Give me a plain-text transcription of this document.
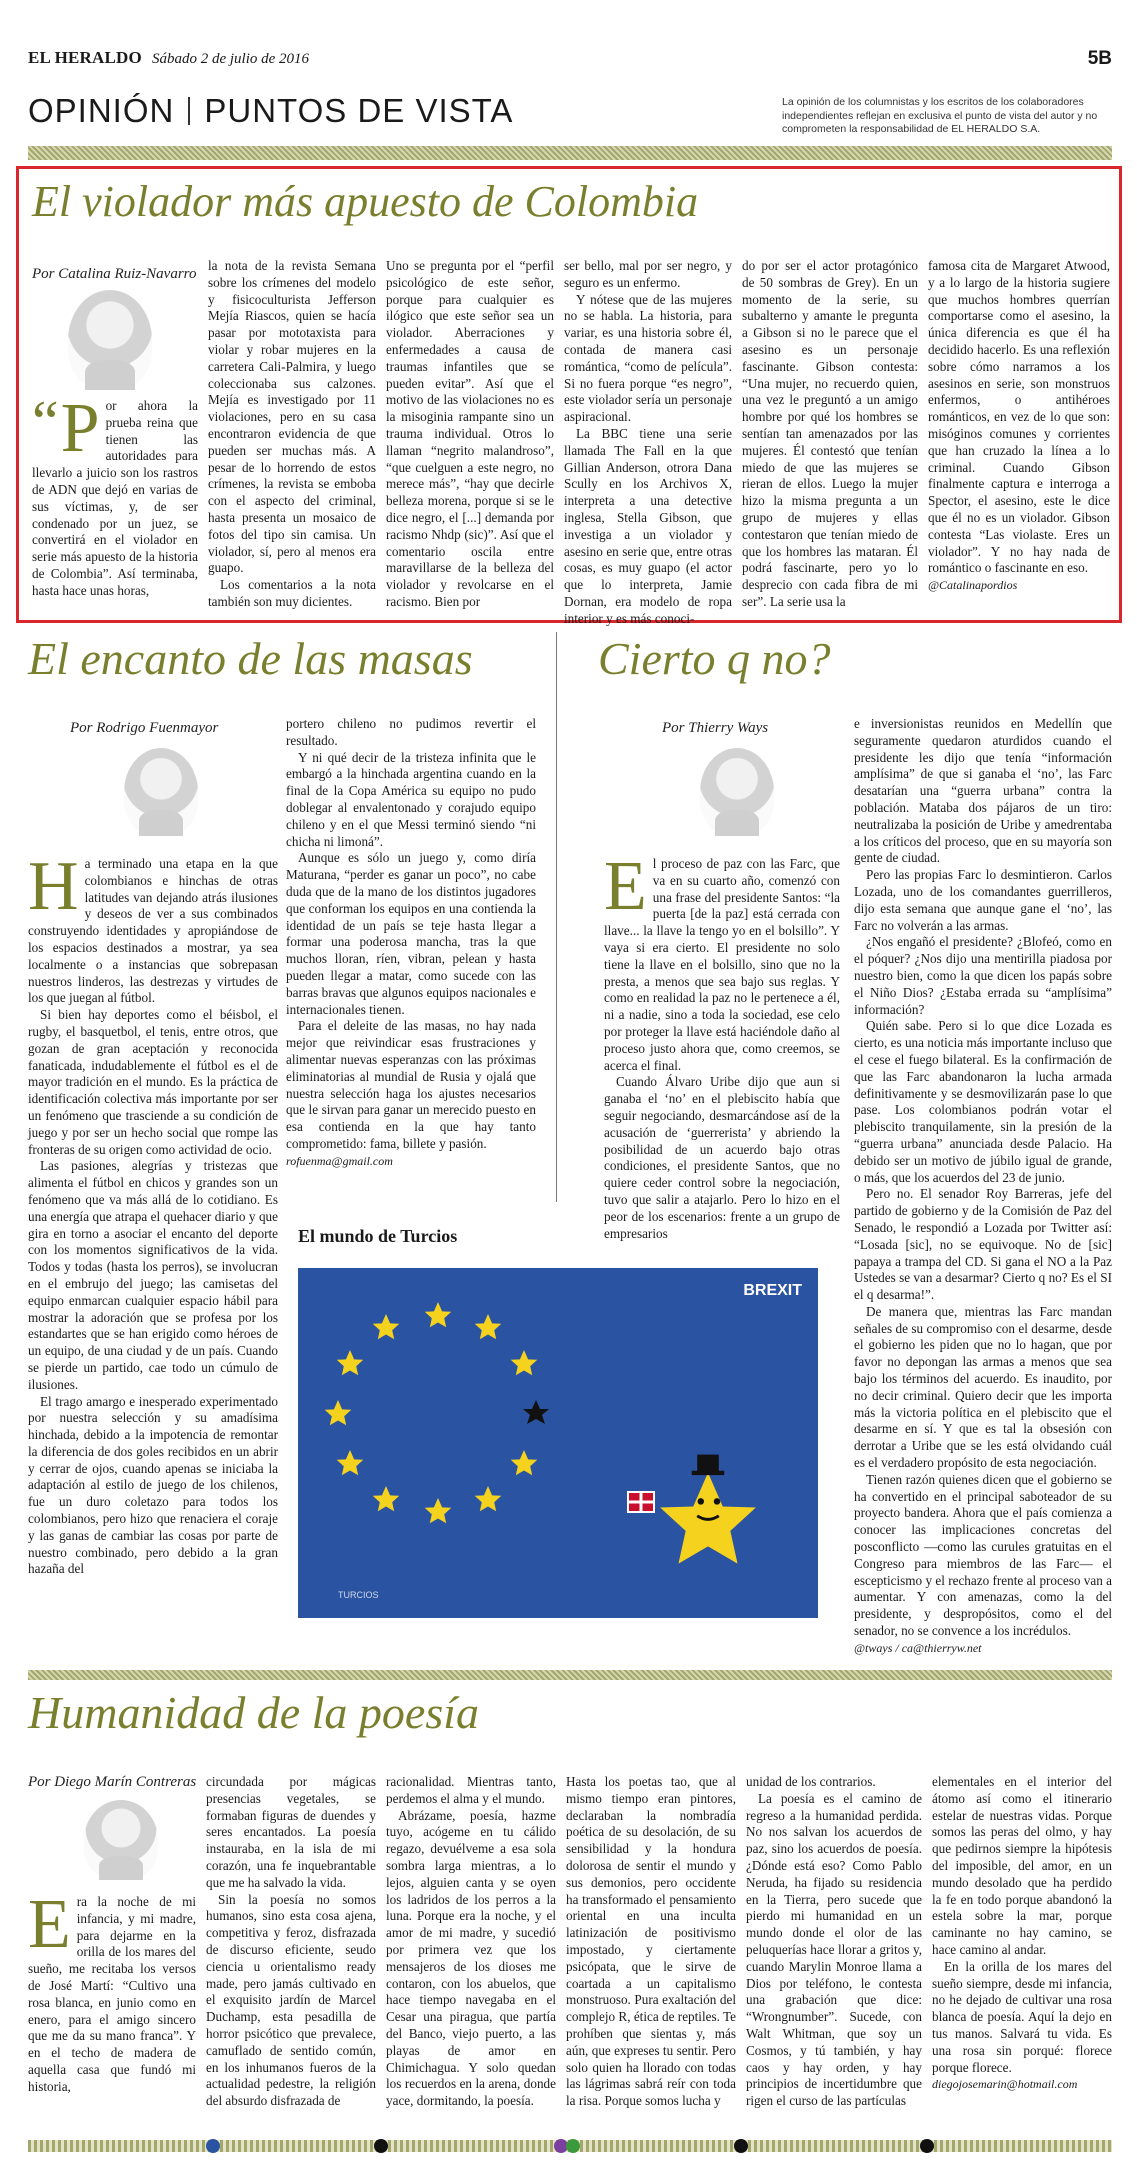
EL HERALDO Sábado 2 de julio de 2016	5B
OPINIÓN PUNTOS DE VISTA	La opinión de los columnistas y los escritos de los colaboradores independientes reflejan en exclusiva el punto de vista del autor y no comprometen la responsabilidad de EL HERALDO S.A.
El violador más apuesto de Colombia
Por Catalina Ruiz-Navarro

“ P or ahora la prueba reina que tienen las autoridades para llevarlo a juicio son los rastros de ADN que dejó en varias de sus víctimas, y, de ser condenado por un juez, se convertirá en el violador en serie más apuesto de la historia de Colombia”. Así terminaba, hasta hace unas horas,

la nota de la revista Semana sobre los crímenes del modelo y fisicoculturista Jefferson Mejía Riascos, quien se hacía pasar por mototaxista para violar y robar mujeres en la carretera Cali-Palmira, y luego coleccionaba sus calzones. Mejía es investigado por 11 violaciones, pero en su casa encontraron evidencia de que pueden ser muchas más. A pesar de lo horrendo de estos crímenes, la revista se emboba con el aspecto del criminal, hasta presenta un mosaico de fotos del tipo sin camisa. Un violador, sí, pero al menos era guapo.

Los comentarios a la nota también son muy dicientes.

Uno se pregunta por el “perfil psicológico de este señor, porque para cualquier es ilógico que este señor sea un violador. Aberraciones y enfermedades a causa de traumas infantiles que se pueden evitar”. Así que el motivo de las violaciones no es la misoginia rampante sino un trauma individual. Otros lo llaman “negrito malandroso”, “que cuelguen a este negro, no merece más”, “hay que decirle belleza morena, porque si se le dice negro, el [...] demanda por racismo Nhdp (sic)”. Así que el comentario oscila entre maravillarse de la belleza del violador y revolcarse en el racismo. Bien por

ser bello, mal por ser negro, y seguro es un enfermo.

Y nótese que de las mujeres no se habla. La historia, para variar, es una historia sobre él, contada de manera casi romántica, “como de película”. Si no fuera porque “es negro”, este violador sería un personaje aspiracional.

La BBC tiene una serie llamada The Fall en la que Gillian Anderson, otrora Dana Scully en los Archivos X, interpreta a una detective inglesa, Stella Gibson, que investiga a un violador y asesino en serie que, entre otras cosas, es muy guapo (el actor que lo interpreta, Jamie Dornan, era modelo de ropa interior y es más conoci-

do por ser el actor protagónico de 50 sombras de Grey). En un momento de la serie, su subalterno y amante le pregunta a Gibson si no le parece que el asesino es un personaje fascinante. Gibson contesta: “Una mujer, no recuerdo quien, una vez le preguntó a un amigo hombre por qué los hombres se sentían tan amenazados por las mujeres. Él contestó que tenían miedo de que las mujeres se rieran de ellos. Luego la mujer hizo la misma pregunta a un grupo de mujeres y ellas contestaron que tenían miedo de que los hombres las mataran. Él podrá fascinarte, pero yo lo desprecio con cada fibra de mi ser”. La serie usa la

famosa cita de Margaret Atwood, y a lo largo de la historia sugiere que muchos hombres querrían comportarse como el asesino, la única diferencia es que él ha decidido hacerlo. Es una reflexión sobre cómo narramos a los asesinos en serie, son monstruos enfermos, o antihéroes románticos, en vez de lo que son: misóginos comunes y corrientes que han cruzado la línea a lo criminal. Cuando Gibson finalmente captura e interroga a Spector, el asesino, este le dice que él no es un violador. Gibson contesta “Las violaste. Eres un violador”. Y no hay nada de romántico o fascinante en eso.

@Catalinapordios

El encanto de las masas
Por Rodrigo Fuenmayor

Ha terminado una etapa en la que colombianos e hinchas de otras latitudes van dejando atrás ilusiones y deseos de ver a sus combinados construyendo identidades y apropiándose de los espacios destinados a mostrar, ya sea localmente o a instancias que sobrepasan nuestros linderos, las destrezas y virtudes de los que juegan al fútbol.

Si bien hay deportes como el béisbol, el rugby, el basquetbol, el tenis, entre otros, que gozan de gran aceptación y reconocida fanaticada, indudablemente el fútbol es el de mayor tradición en el mundo. Es la práctica de identificación colectiva más importante por ser un fenómeno que trasciende a su condición de juego y por ser un hecho social que rompe las fronteras de su origen como actividad de ocio.

Las pasiones, alegrías y tristezas que alimenta el fútbol en chicos y grandes son un fenómeno que va más allá de lo cotidiano. Es una energía que atrapa el quehacer diario y que gira en torno a asociar el encanto del deporte con los momentos significativos de la vida. Todos y todas (hasta los perros), se involucran en el embrujo del juego; las camisetas del equipo enmarcan cualquier espacio hábil para mostrar la adoración que se profesa por los estandartes que se han erigido como héroes de un equipo, de una ciudad y de un país. Cuando se pierde un partido, cae todo un cúmulo de ilusiones.

El trago amargo e inesperado experimentado por nuestra selección y su amadísima hinchada, debido a la impotencia de remontar la diferencia de dos goles recibidos en un abrir y cerrar de ojos, cuando apenas se iniciaba la adaptación al estilo de juego de los chilenos, fue un duro coletazo para todos los colombianos, pero hizo que renaciera el coraje y las ganas de cambiar las cosas por parte de nuestro combinado, pero debido a la gran hazaña del

portero chileno no pudimos revertir el resultado.

Y ni qué decir de la tristeza infinita que le embargó a la hinchada argentina cuando en la final de la Copa América su equipo no pudo doblegar al envalentonado y corajudo equipo chileno y en el que Messi terminó siendo “ni chicha ni limoná”.

Aunque es sólo un juego y, como diría Maturana, “perder es ganar un poco”, no cabe duda que de la mano de los distintos jugadores que conforman los equipos en una contienda la identidad de un país se teje hasta llegar a formar una poderosa mancha, tras la que muchos lloran, ríen, vibran, pelean y hasta pueden llegar a matar, como sucede con las barras bravas que algunos equipos nacionales e internacionales tienen.

Para el deleite de las masas, no hay nada mejor que reivindicar esas frustraciones y alimentar nuevas esperanzas con las próximas eliminatorias al mundial de Rusia y ojalá que nuestra selección haga los ajustes necesarios que le sirvan para ganar un merecido puesto en esa contienda en la que hay tanto comprometido: fama, billete y pasión.

rofuenma@gmail.com

Cierto q no?
Por Thierry Ways

El proceso de paz con las Farc, que va en su cuarto año, comenzó con una frase del presidente Santos: “la puerta [de la paz] está cerrada con llave... la llave la tengo yo en el bolsillo”. Y vaya si era cierto. El presidente no solo tiene la llave en el bolsillo, sino que no la presta, a menos que sea bajo sus reglas. Y como en realidad la paz no le pertenece a él, ni a nadie, sino a toda la sociedad, ese celo por proteger la llave está haciéndole daño al proceso justo ahora que, como creemos, se acerca el final.

Cuando Álvaro Uribe dijo que aun si ganaba el ‘no’ en el plebiscito había que seguir negociando, desmarcándose así de la acusación de ‘guerrerista’ y abriendo la posibilidad de un acuerdo bajo otras condiciones, el presidente Santos, que no quiere ceder control sobre la negociación, tuvo que salir a atajarlo. Pero lo hizo en el peor de los escenarios: frente a un grupo de empresarios

e inversionistas reunidos en Medellín que seguramente quedaron aturdidos cuando el presidente les dijo que tenía “información amplísima” de que si ganaba el ‘no’, las Farc desatarían una “guerra urbana” contra la población. Mataba dos pájaros de un tiro: neutralizaba la posición de Uribe y amedrentaba a los críticos del proceso, que en su mayoría son gente de ciudad.

Pero las propias Farc lo desmintieron. Carlos Lozada, uno de los comandantes guerrilleros, dijo esta semana que aunque gane el ‘no’, las Farc no volverán a las armas.

¿Nos engañó el presidente? ¿Blofeó, como en el póquer? ¿Nos dijo una mentirilla piadosa por nuestro bien, como la que dicen los papás sobre el Niño Dios? ¿Estaba errada su “amplísima” información?

Quién sabe. Pero si lo que dice Lozada es cierto, es una noticia más importante incluso que el cese el fuego bilateral. Es la confirmación de que las Farc abandonaron la lucha armada definitivamente y se desmovilizarán pase lo que pase. Los colombianos podrán votar el plebiscito tranquilamente, sin la presión de la “guerra urbana” anunciada desde Palacio. Ha debido ser un motivo de júbilo igual de grande, o más, que los acuerdos del 23 de junio.

Pero no. El senador Roy Barreras, jefe del partido de gobierno y de la Comisión de Paz del Senado, le respondió a Lozada por Twitter así: “Losada [sic], no se equivoque. No de [sic] papaya a trampa del CD. Si gana el NO a la Paz Ustedes se van a desarmar? Cierto q no? Es el SI el q desarma!”.

De manera que, mientras las Farc mandan señales de su compromiso con el desarme, desde el gobierno les piden que no lo hagan, que por favor no depongan las armas a menos que sea bajo los términos del acuerdo. Es inaudito, por no decir criminal. Quiero decir que les importa más la victoria política en el plebiscito que el desarme en sí. Y que es tal la obsesión con derrotar a Uribe que se les está olvidando cuál es el verdadero propósito de esta negociación.

Tienen razón quienes dicen que el gobierno se ha convertido en el principal saboteador de su proyecto bandera. Ahora que el país comienza a conocer las implicaciones concretas del posconflicto —como las curules gratuitas en el Congreso para miembros de las Farc— el escepticismo y el rechazo frente al proceso van a aumentar. Y con amenazas, como la del presidente, y despropósitos, como el del senador, no se convence a los incrédulos.

@tways / ca@thierryw.net

El mundo de Turcios
BREXIT
TURCIOS
Humanidad de la poesía
Por Diego Marín Contreras

Era la noche de mi infancia, y mi madre, para dejarme en la orilla de los mares del sueño, me recitaba los versos de José Martí: “Cultivo una rosa blanca, en junio como en enero, para el amigo sincero que me da su mano franca”. Y en el techo de madera de aquella casa que fundó mi historia,

circundada por mágicas presencias vegetales, se formaban figuras de duendes y seres encantados. La poesía instauraba, en la isla de mi corazón, una fe inquebrantable que me ha salvado la vida.

Sin la poesía no somos humanos, sino esta cosa ajena, competitiva y feroz, disfrazada de discurso eficiente, seudo ciencia u orientalismo ready made, pero jamás cultivado en el exquisito jardín de Marcel Duchamp, esta pesadilla de horror psicótico que prevalece, camuflado de sentido común, en los inhumanos fueros de la actualidad pedestre, la religión del absurdo disfrazada de

racionalidad. Mientras tanto, perdemos el alma y el mundo.

Abrázame, poesía, hazme tuyo, acógeme en tu cálido regazo, devuélveme a esa sola sombra larga mientras, a lo lejos, alguien canta y se oyen los ladridos de los perros a la luna. Porque era la noche, y el amor de mi madre, y sucedió por primera vez que los mensajeros de los dioses me contaron, con los abuelos, que hace tiempo navegaba en el Cesar una piragua, que partía del Banco, viejo puerto, a las playas de amor en Chimichagua. Y solo quedan los recuerdos en la arena, donde yace, dormitando, la poesía.

Hasta los poetas tao, que al mismo tiempo eran pintores, declaraban la nombradía poética de su desolación, de su sensibilidad y la hondura dolorosa de sentir el mundo y sus demonios, pero occidente ha transformado el pensamiento oriental en una inculta latinización de positivismo impostado, y ciertamente psicópata, que le sirve de coartada a un capitalismo monstruoso. Pura exaltación del complejo R, ética de reptiles. Te prohíben que sientas y, más aún, que expreses tu sentir. Pero solo quien ha llorado con todas las lágrimas sabrá reír con toda la risa. Porque somos lucha y

unidad de los contrarios.

La poesía es el camino de regreso a la humanidad perdida. No nos salvan los acuerdos de paz, sino los acuerdos de poesía. ¿Dónde está eso? Como Pablo Neruda, ha fijado su residencia en la Tierra, pero sucede que pierdo mi humanidad en un mundo donde el olor de las peluquerías hace llorar a gritos y, cuando Marylin Monroe llama a Dios por teléfono, le contesta una grabación que dice: “Wrongnumber”. Sucede, con Walt Whitman, que soy un Cosmos, y tú también, y hay caos y hay orden, y hay principios de incertidumbre que rigen el curso de las partículas

elementales en el interior del átomo así como el itinerario estelar de nuestras vidas. Porque somos las peras del olmo, y hay que pedirnos siempre la hipótesis del imposible, del amor, en un mundo desolado que ha perdido la fe en todo porque abandonó la estela sobre la mar, porque caminante no hay camino, se hace camino al andar.

En la orilla de los mares del sueño siempre, desde mi infancia, no he dejado de cultivar una rosa blanca de poesía. Aquí la dejo en tus manos. Salvará tu vida. Es una rosa sin porqué: florece porque florece.

diegojosemarin@hotmail.com
